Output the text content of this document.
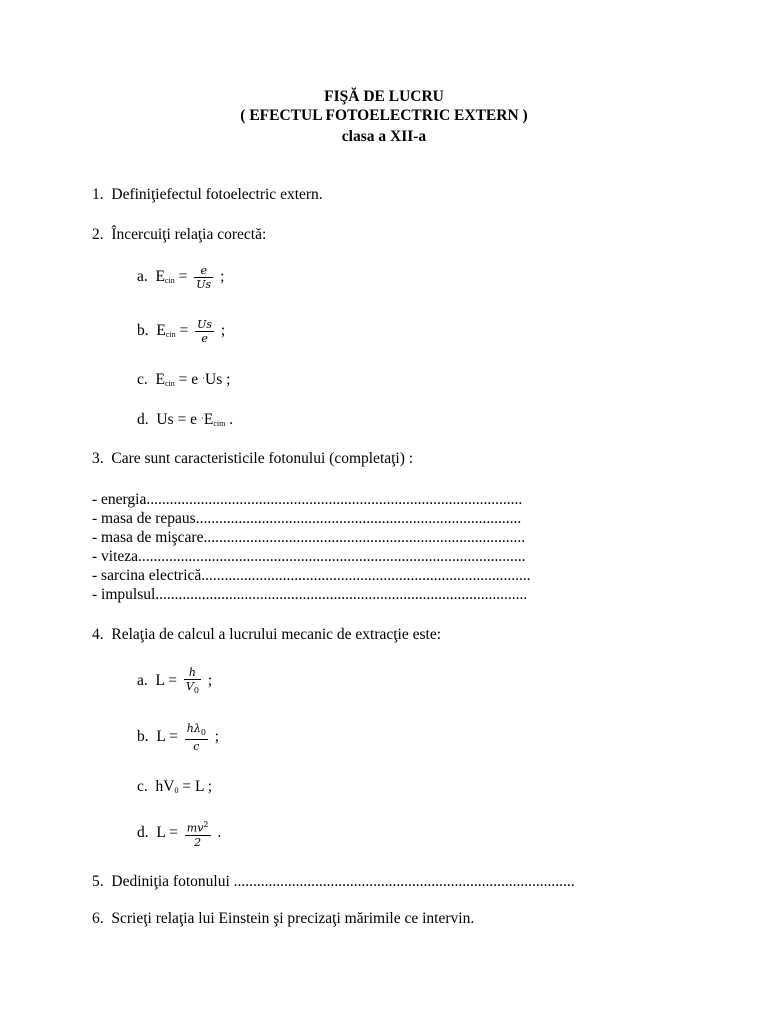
FIŞĂ DE LUCRU
( EFECTUL FOTOELECTRIC EXTERN )
clasa a XII-a
1. Definiţiefectul fotoelectric extern.
2. Încercuiţi relaţia corectă:
a. Ecin = $\frac{e}{Us}$ ;
b. Ecin = $\frac{Us}{e}$ ;
c. Ecin = e ·Us ;
d. Us = e ·Ecim .
3. Care sunt caracteristicile fotonului (completaţi) :
- energia.................................................................................................
- masa de repaus....................................................................................
- masa de mişcare...................................................................................
- viteza....................................................................................................
- sarcina electrică.....................................................................................
- impulsul................................................................................................
4. Relaţia de calcul a lucrului mecanic de extracţie este:
a. $L = \frac{h}{V_0}$ ;
b. $L = \frac{h\lambda_0}{c}$ ;
c. hV0 = L ;
d. $L = \frac{mv^2}{2}$ .
5. Dediniţia fotonului ........................................................................................
6. Scrieţi relaţia lui Einstein şi precizaţi mărimile ce intervin.
